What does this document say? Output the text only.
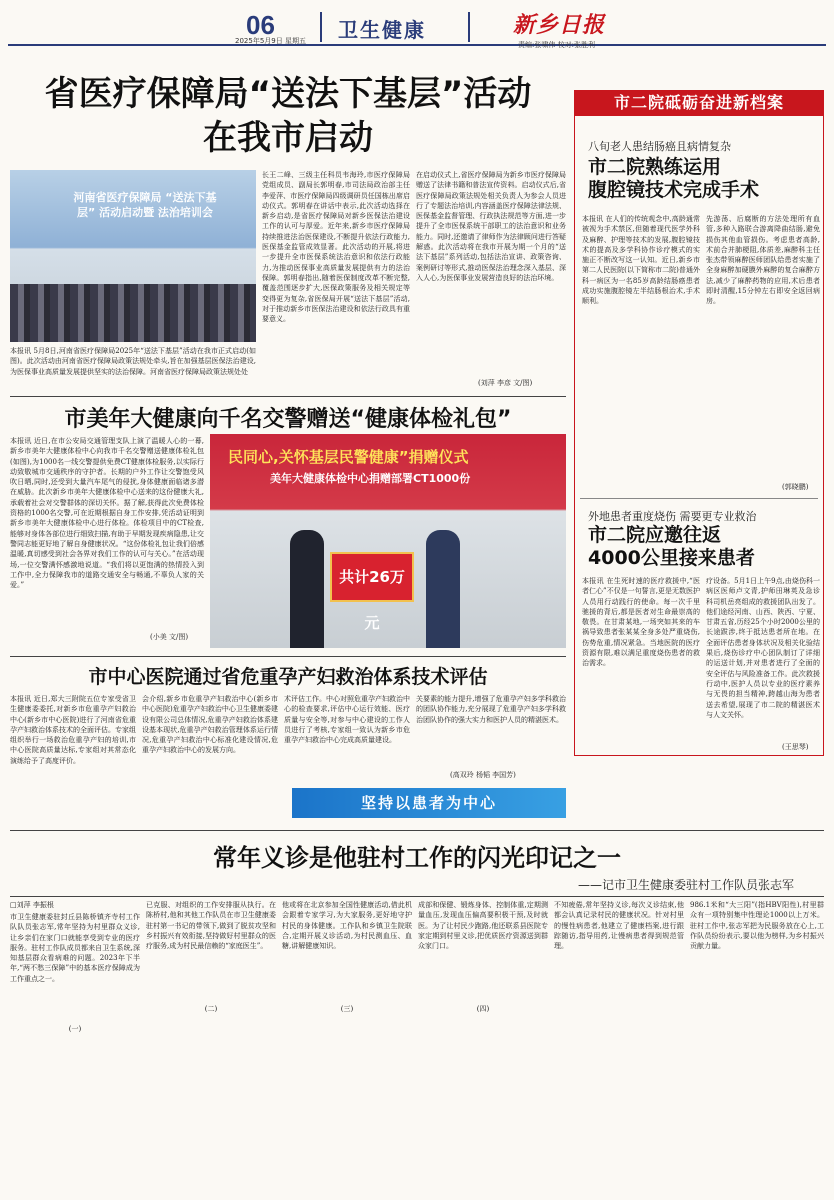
06	卫生健康	新乡日报
责编:张啸伟 校对:张胜利
2025年5月9日 星期五
省医疗保障局“送法下基层”活动
在我市启动
河南省医疗保障局 “送法下基层” 活动启动暨 法治培训会
本报讯 5月8日,河南省医疗保障局2025年“送法下基层”活动在我市正式启动(如图)。此次活动由河南省医疗保障局政策法规处牵头,旨在加强基层医保法治建设,为医保事业高质量发展提供坚实的法治保障。河南省医疗保障局政策法规处处
长王二峰、三级主任科员韦海玲,市医疗保障局党组成员、副局长郭明春,市司法局政治部主任李爱萍、市医疗保障局四级调研员任国栋出席启动仪式。郭明春在讲话中表示,此次活动选择在新乡启动,是省医疗保障局对新乡医保法治建设工作的认可与厚爱。近年来,新乡市医疗保障局持续推进法治医保建设,不断提升依法行政能力,医保基金监管成效显著。此次活动的开展,将进一步提升全市医保系统法治意识和依法行政能力,为推动医保事业高质量发展提供有力的法治保障。郭明春指出,随着医保制度改革不断完整,覆盖范围逐步扩大,医保政策服务及相关规定等变得更为复杂,省医保局开展“送法下基层”活动,对于推动新乡市医保法治建设和依法行政具有重要意义。
在启动仪式上,省医疗保障局为新乡市医疗保障局赠送了法律书籍和普法宣传资料。启动仪式后,省医疗保障局政策法规处相关负责人为参会人员进行了专题法治培训,内容涵盖医疗保障法律法规、医保基金监督管理、行政执法规范等方面,进一步提升了全市医保系统干部职工的法治意识和业务能力。同时,还邀请了律师作为法律顾问进行答疑解惑。此次活动将在我市开展为期一个月的“送法下基层”系列活动,包括法治宣讲、政策咨询、案例研讨等形式,推动医保法治理念深入基层、深入人心,为医保事业发展营造良好的法治环境。
(刘萍 李彦 文/图)
市二院砥砺奋进新档案
八旬老人患结肠癌且病情复杂
市二院熟练运用
腹腔镜技术完成手术
本报讯 在人们的传统观念中,高龄通常被视为手术禁区,但随着现代医学外科及麻醉、护理等技术的发展,腹腔镜技术的提高及多学科协作诊疗模式的实施正不断改写这一认知。近日,新乡市第二人民医院(以下简称市二院)普通外科一病区为一名85岁高龄结肠癌患者成功实施腹腔镜左半结肠根治术,手术顺利。
先游荡、后腐断的方法处理所有血管,多种入路联合游离降曲结肠,避免损伤其他血管损伤。考虑患者高龄,术前合并肺梗阻,体质差,麻醉科主任张杰带领麻醉医师团队给患者实施了全身麻醉加硬膜外麻醉的复合麻醉方法,减少了麻醉药物的应用,术后患者即时清醒,15分钟左右即安全返回病房。
(郭晓鹏)
外地患者重度烧伤 需要更专业救治
市二院应邀往返
4000公里接来患者
本报讯 在生死时速的医疗救援中,“医者仁心”不仅是一句誓言,更是无数医护人员用行动践行的使命。每一次千里驰援的背后,都是医者对生命最崇高的敬畏。在甘肃某地,一场突如其来的车祸导致患者张某某全身多处严重烧伤,伤势危重,情况紧急。当地医院的医疗资源有限,难以满足重度烧伤患者的救治需求。
疗设备。5月1日上午9点,由烧伤科一病区医师卢文青,护师田琳英及急诊科司机岳亮组成的救援团队出发了。他们途经河南、山西、陕西、宁夏、甘肃五省,历经25个小时2000公里的长途跋涉,终于抵达患者所在地。在全面评估患者身体状况及相关化验结果后,烧伤诊疗中心团队制订了详细的运送计划,并对患者进行了全面的安全评估与风险准备工作。此次救援行动中,医护人员以专业的医疗素养与无畏的担当精神,跨越山海为患者送去希望,展现了市二院的精湛医术与人文关怀。
(王思琴)
市美年大健康向千名交警赠送“健康体检礼包”
本报讯 近日,在市公安局交通管理支队上演了温暖人心的一幕,新乡市美年大健康体检中心向我市千名交警赠送健康体检礼包(如图),为1000名一线交警提供免费CT健康体检服务,以实际行动致敬城市交通秩序的守护者。长期的户外工作让交警饱受风吹日晒,同时,还受到大量汽车尾气的侵扰,身体健康面临诸多潜在威胁。此次新乡市美年大健康体检中心送来的这份健康大礼,承载着社会对交警群体的深切关怀。据了解,获得此次免费体检资格的1000名交警,可在近期根据自身工作安排,凭活动证明到新乡市美年大健康体检中心进行体检。体检项目中的CT检查,能够对身体各部位进行细致扫描,有助于早期发现疾病隐患,让交警同志能更好地了解自身健康状况。“这份体检礼包让我们倍感温暖,真切感受到社会各界对我们工作的认可与关心。”在活动现场,一位交警满怀感激地说道。“我们将以更饱满的热情投入到工作中,全力保障我市的道路交通安全与畅通,不辜负人家的关爱。”
(小美 文/图)
民同心,关怀基层民警健康”捐赠仪式
美年大健康体检中心捐赠部署CT1000份
共计26万元
市中心医院通过省危重孕产妇救治体系技术评估
本报讯 近日,郑大三附院五位专家受省卫生健康委委托,对新乡市危重孕产妇救治中心(新乡市中心医院)进行了河南省危重孕产妇救治体系技术的全面评估。专家组组织举行一场救治危重孕产妇的培训,市中心医院高质量达标,专家组对其常态化演练给予了高度评价。
会介绍,新乡市危重孕产妇救治中心(新乡市中心医院)危重孕产妇救治中心卫生健康委建设有限公司总体情况,危重孕产妇救治体系建设基本现状,危重孕产妇救治管理体系运行情况,危重孕产妇救治中心标准化建设情况,危重孕产妇救治中心的发展方向。
术评估工作。中心对照危重孕产妇救治中心的检查要求,评估中心运行效能、医疗质量与安全等,对参与中心建设的工作人员进行了考核,专家组一致认为新乡市危重孕产妇救治中心完成高质量建设。
关要素的能力提升,增强了危重孕产妇多学科救治的团队协作能力,充分展现了危重孕产妇多学科救治团队协作的强大实力和医护人员的精湛医术。
(高双玲 杨韬 李国芳)
坚持以患者为中心
常年义诊是他驻村工作的闪光印记之一
——记市卫生健康委驻村工作队员张志军
□刘萍 李振根
市卫生健康委驻封丘县陈桥镇齐寺村工作队队员张志军,常年坚持为村里群众义诊,让乡亲们在家门口就能享受到专业的医疗服务。驻村工作队成员都来自卫生系统,深知基层群众看病难的问题。2023年下半年,“两不愁三保障”中的基本医疗保障成为工作重点之一。
(一)
已克服、对组织的工作安排服从执行。在陈桥村,他和其他工作队员在市卫生健康委驻村第一书记的带领下,做到了脱贫攻坚和乡村振兴有效衔接,坚持做好村里群众的医疗服务,成为村民最信赖的“家庭医生”。
(二)
他或将在北京参加全国性健康活动,借此机会跟着专家学习,为大家服务,更好地守护村民的身体健康。工作队和乡镇卫生院联合,定期开展义诊活动,为村民测血压、血糖,讲解健康知识。
(三)
成部和保健、锻炼身体、控制体重,定期测量血压,发现血压偏高要积极干预,及时就医。为了让村民少跑路,他还联系县医院专家定期到村里义诊,把优质医疗资源送到群众家门口。
(四)
不知疲倦,常年坚持义诊,每次义诊结束,他都会认真记录村民的健康状况。针对村里的慢性病患者,他建立了健康档案,进行跟踪随访,指导用药,让慢病患者得到规范管理。
986.1米和“大三阳”(指HBV阳性),村里群众有一项特别集中性理论1000以上万米。驻村工作中,张志军把为民服务放在心上,工作队员纷纷表示,要以他为榜样,为乡村振兴贡献力量。
